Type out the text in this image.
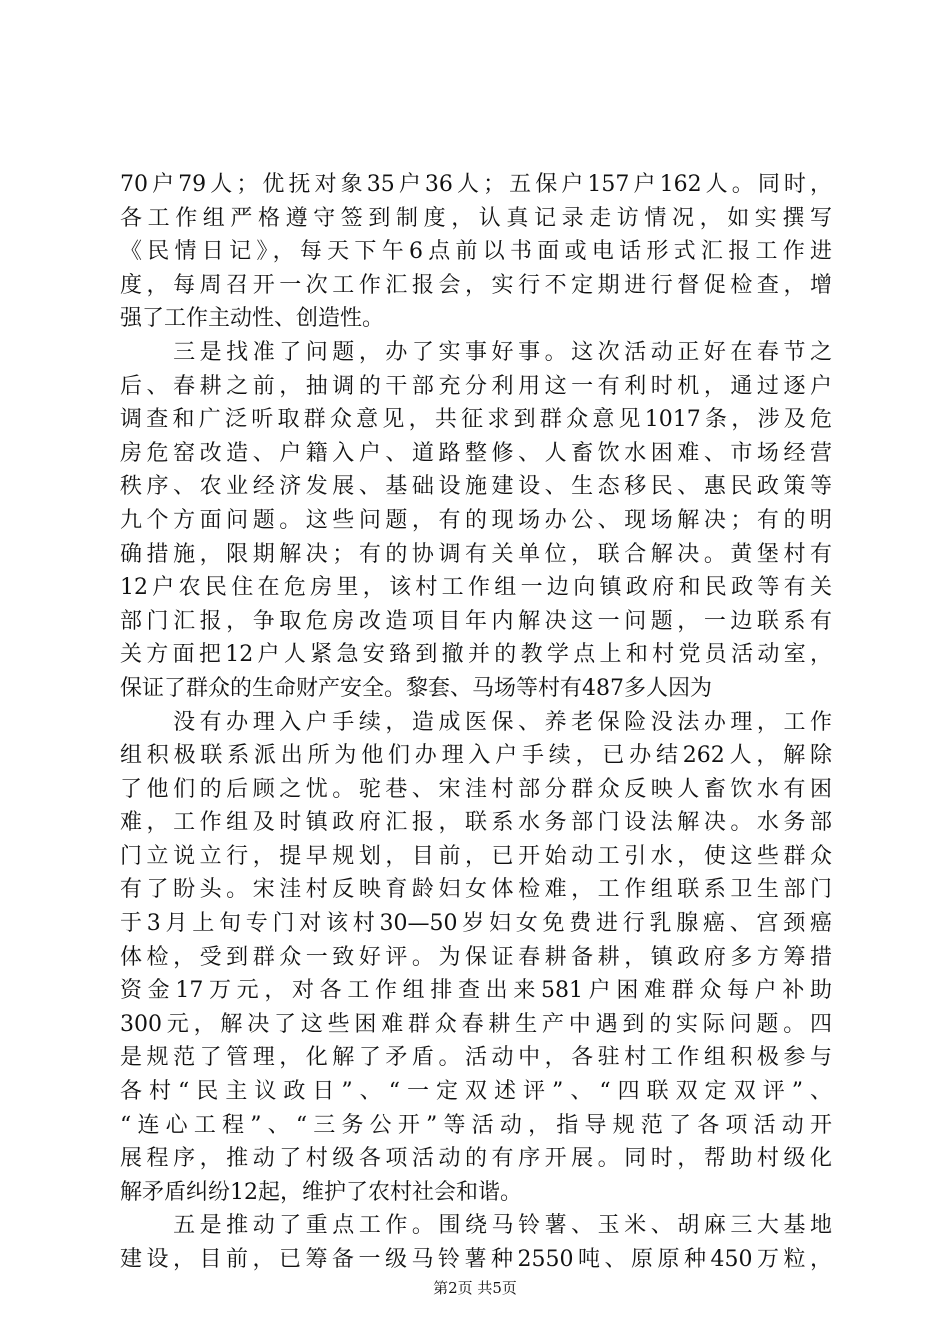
70户79人；优抚对象35户36人；五保户157户162人。同时，
各工作组严格遵守签到制度，认真记录走访情况，如实撰写
《民情日记》，每天下午6点前以书面或电话形式汇报工作进
度，每周召开一次工作汇报会，实行不定期进行督促检查，增
强了工作主动性、创造性。
　　三是找准了问题，办了实事好事。这次活动正好在春节之
后、春耕之前，抽调的干部充分利用这一有利时机，通过逐户
调查和广泛听取群众意见，共征求到群众意见1017条，涉及危
房危窑改造、户籍入户、道路整修、人畜饮水困难、市场经营
秩序、农业经济发展、基础设施建设、生态移民、惠民政策等
九个方面问题。这些问题，有的现场办公、现场解决；有的明
确措施，限期解决；有的协调有关单位，联合解决。黄堡村有
12户农民住在危房里，该村工作组一边向镇政府和民政等有关
部门汇报，争取危房改造项目年内解决这一问题，一边联系有
关方面把12户人紧急安臵到撤并的教学点上和村党员活动室，
保证了群众的生命财产安全。黎套、马场等村有487多人因为
　　没有办理入户手续，造成医保、养老保险没法办理，工作
组积极联系派出所为他们办理入户手续，已办结262人，解除
了他们的后顾之忧。驼巷、宋洼村部分群众反映人畜饮水有困
难，工作组及时镇政府汇报，联系水务部门设法解决。水务部
门立说立行，提早规划，目前，已开始动工引水，使这些群众
有了盼头。宋洼村反映育龄妇女体检难，工作组联系卫生部门
于3月上旬专门对该村30—50岁妇女免费进行乳腺癌、宫颈癌
体检，受到群众一致好评。为保证春耕备耕，镇政府多方筹措
资金17万元，对各工作组排查出来581户困难群众每户补助
300元，解决了这些困难群众春耕生产中遇到的实际问题。四
是规范了管理，化解了矛盾。活动中，各驻村工作组积极参与
各村“民主议政日”、“一定双述评”、“四联双定双评”、
“连心工程”、“三务公开”等活动，指导规范了各项活动开
展程序，推动了村级各项活动的有序开展。同时，帮助村级化
解矛盾纠纷12起，维护了农村社会和谐。
　　五是推动了重点工作。围绕马铃薯、玉米、胡麻三大基地
建设，目前，已筹备一级马铃薯种2550吨、原原种450万粒，
第2页 共5页
